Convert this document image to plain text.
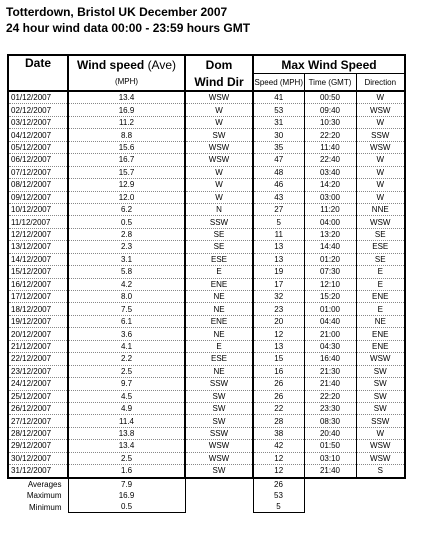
Totterdown, Bristol UK December 2007
24 hour wind data 00:00 - 23:59 hours GMT
Date	Wind speed (Ave)	Dom	Max Wind Speed		
	(MPH)	Wind Dir	Speed (MPH)	Time (GMT)	Direction
01/12/2007	13.4	WSW	41	00:50	W
02/12/2007	16.9	W	53	09:40	WSW
03/12/2007	11.2	W	31	10:30	W
04/12/2007	8.8	SW	30	22:20	SSW
05/12/2007	15.6	WSW	35	11:40	WSW
06/12/2007	16.7	WSW	47	22:40	W
07/12/2007	15.7	W	48	03:40	W
08/12/2007	12.9	W	46	14:20	W
09/12/2007	12.0	W	43	03:00	W
10/12/2007	6.2	N	27	11:20	NNE
11/12/2007	0.5	SSW	5	04:00	WSW
12/12/2007	2.8	SE	11	13:20	SE
13/12/2007	2.3	SE	13	14:40	ESE
14/12/2007	3.1	ESE	13	01:20	SE
15/12/2007	5.8	E	19	07:30	E
16/12/2007	4.2	ENE	17	12:10	E
17/12/2007	8.0	NE	32	15:20	ENE
18/12/2007	7.5	NE	23	01:00	E
19/12/2007	6.1	ENE	20	04:40	NE
20/12/2007	3.6	NE	12	21:00	ENE
21/12/2007	4.1	E	13	04:30	ENE
22/12/2007	2.2	ESE	15	16:40	WSW
23/12/2007	2.5	NE	16	21:30	SW
24/12/2007	9.7	SSW	26	21:40	SW
25/12/2007	4.5	SW	26	22:20	SW
26/12/2007	4.9	SW	22	23:30	SW
27/12/2007	11.4	SW	28	08:30	SSW
28/12/2007	13.8	SSW	38	20:40	W
29/12/2007	13.4	WSW	42	01:50	WSW
30/12/2007	2.5	WSW	12	03:10	WSW
31/12/2007	1.6	SW	12	21:40	S
Averages	7.9		26		
Maximum	16.9		53		
Minimum	0.5		5		
